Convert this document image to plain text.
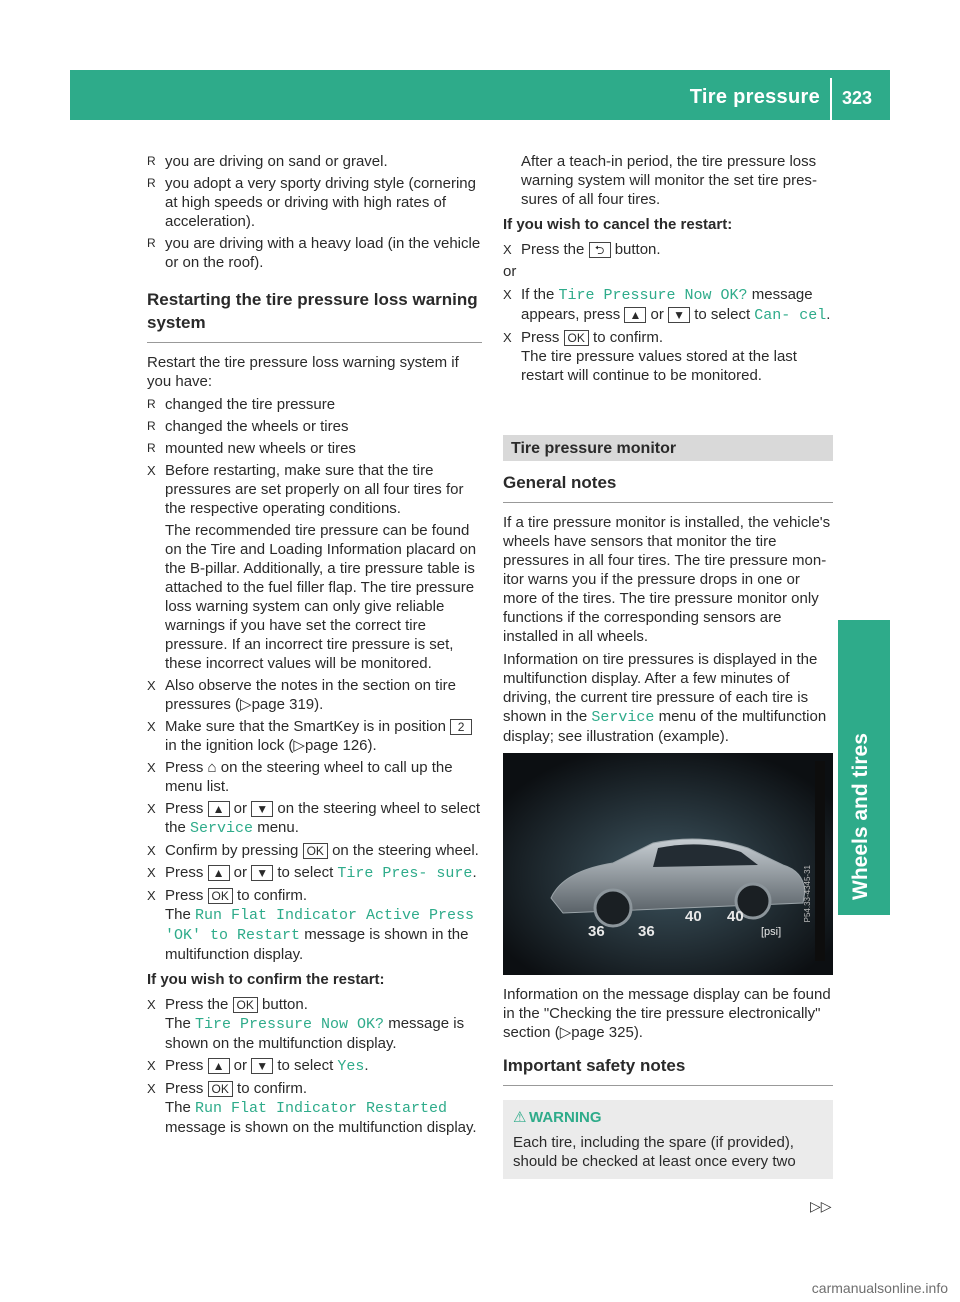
Tire pressure 323
Wheels and tires
R you are driving on sand or gravel.
R you adopt a very sporty driving style (cornering at high speeds or driving with high rates of acceleration).
R you are driving with a heavy load (in the vehicle or on the roof).
Restarting the tire pressure loss warning system
Restart the tire pressure loss warning system if you have:
R changed the tire pressure
R changed the wheels or tires
R mounted new wheels or tires
X Before restarting, make sure that the tire pressures are set properly on all four tires for the respective operating conditions.
The recommended tire pressure can be found on the Tire and Loading Information placard on the B-pillar. Additionally, a tire pressure table is attached to the fuel filler flap. The tire pressure loss warning system can only give reliable warnings if you have set the correct tire pressure. If an incorrect tire pressure is set, these incorrect values will be monitored.
X Also observe the notes in the section on tire pressures (▷page 319).
X Make sure that the SmartKey is in position 2 in the ignition lock (▷page 126).
X Press ⌂ on the steering wheel to call up the menu list.
X Press ▲ or ▼ on the steering wheel to select the Service menu.
X Confirm by pressing OK on the steering wheel.
X Press ▲ or ▼ to select Tire Pres‑ sure.
X Press OK to confirm.
The Run Flat Indicator Active Press 'OK' to Restart message is shown in the multifunction display.
If you wish to confirm the restart:
X Press the OK button.
The Tire Pressure Now OK? message is shown on the multifunction display.
X Press ▲ or ▼ to select Yes.
X Press OK to confirm.
The Run Flat Indicator Restarted message is shown on the multifunction display.
After a teach-in period, the tire pressure loss warning system will monitor the set tire pressures of all four tires.
If you wish to cancel the restart:
X Press the ⮌ button.
or
X If the Tire Pressure Now OK? message appears, press ▲ or ▼ to select Can‑ cel.
X Press OK to confirm.
The tire pressure values stored at the last restart will continue to be monitored.
Tire pressure monitor
General notes
If a tire pressure monitor is installed, the vehicle's wheels have sensors that monitor the tire pressures in all four tires. The tire pressure monitor warns you if the pressure drops in one or more of the tires. The tire pressure monitor only functions if the corresponding sensors are installed in all wheels.
Information on tire pressures is displayed in the multifunction display. After a few minutes of driving, the current tire pressure of each tire is shown in the Service menu of the multifunction display; see illustration (example).
36 36
40 40
[psi]
P54.33-4345-31
Information on the message display can be found in the "Checking the tire pressure electronically" section (▷page 325).
Important safety notes
⚠ WARNING
Each tire, including the spare (if provided), should be checked at least once every two
▷▷
carmanualsonline.info
